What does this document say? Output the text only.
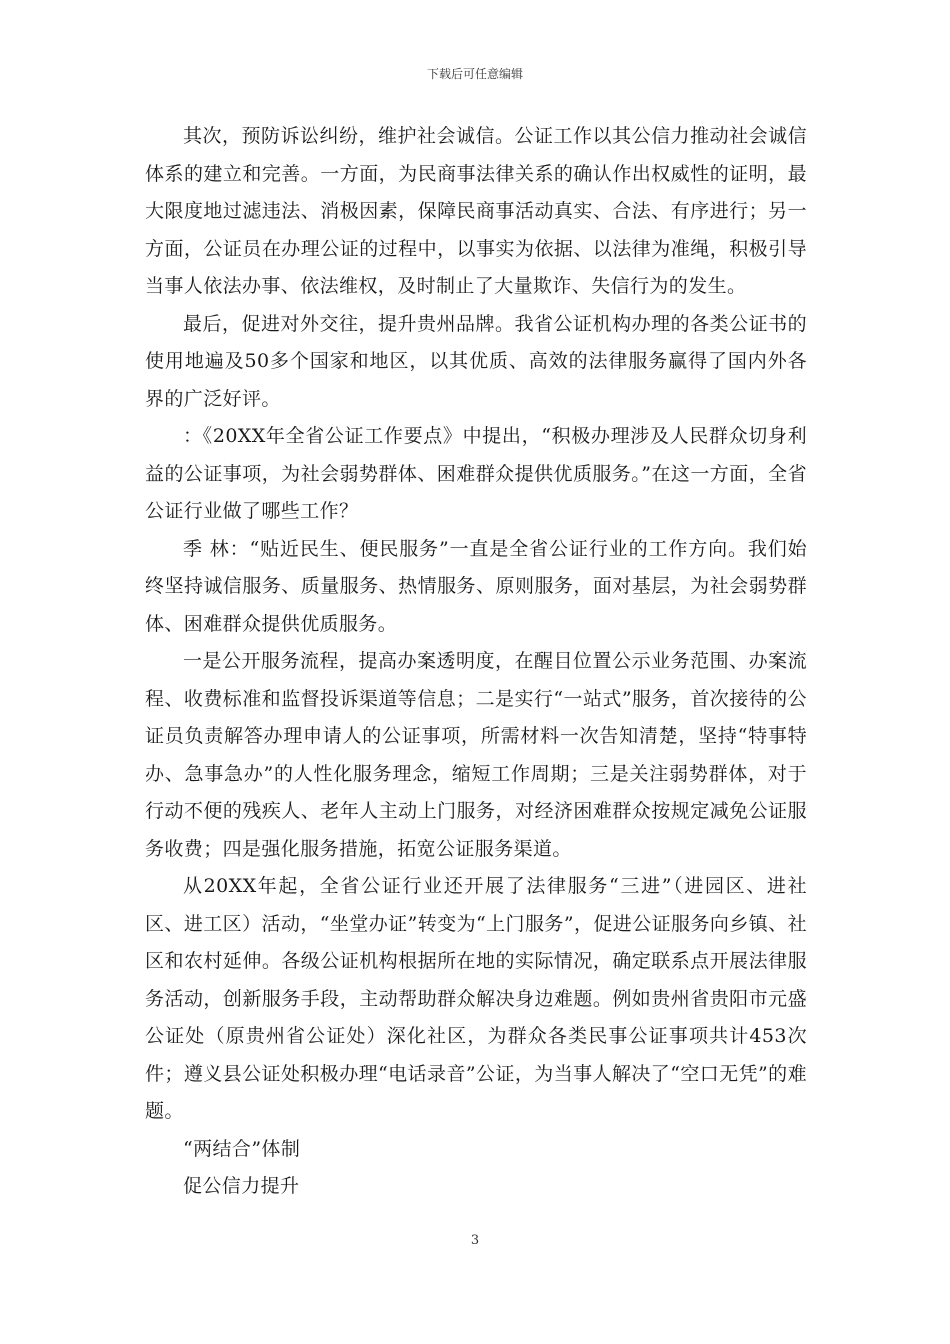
下载后可任意编辑

其次，预防诉讼纠纷，维护社会诚信。公证工作以其公信力推动社会诚信体系的建立和完善。一方面，为民商事法律关系的确认作出权威性的证明，最大限度地过滤违法、消极因素，保障民商事活动真实、合法、有序进行；另一方面，公证员在办理公证的过程中，以事实为依据、以法律为准绳，积极引导当事人依法办事、依法维权，及时制止了大量欺诈、失信行为的发生。

最后，促进对外交往，提升贵州品牌。我省公证机构办理的各类公证书的使用地遍及50多个国家和地区，以其优质、高效的法律服务赢得了国内外各界的广泛好评。

：《20XX年全省公证工作要点》中提出，“积极办理涉及人民群众切身利益的公证事项，为社会弱势群体、困难群众提供优质服务。”在这一方面，全省公证行业做了哪些工作？

季 林：“贴近民生、便民服务”一直是全省公证行业的工作方向。我们始终坚持诚信服务、质量服务、热情服务、原则服务，面对基层，为社会弱势群体、困难群众提供优质服务。

一是公开服务流程，提高办案透明度，在醒目位置公示业务范围、办案流程、收费标准和监督投诉渠道等信息；二是实行“一站式”服务，首次接待的公证员负责解答办理申请人的公证事项，所需材料一次告知清楚，坚持“特事特办、急事急办”的人性化服务理念，缩短工作周期；三是关注弱势群体，对于行动不便的残疾人、老年人主动上门服务，对经济困难群众按规定减免公证服务收费；四是强化服务措施，拓宽公证服务渠道。

从20XX年起，全省公证行业还开展了法律服务“三进”（进园区、进社区、进工区）活动，“坐堂办证”转变为“上门服务”，促进公证服务向乡镇、社区和农村延伸。各级公证机构根据所在地的实际情况，确定联系点开展法律服务活动，创新服务手段，主动帮助群众解决身边难题。例如贵州省贵阳市元盛公证处（原贵州省公证处）深化社区，为群众各类民事公证事项共计453次件；遵义县公证处积极办理“电话录音”公证，为当事人解决了“空口无凭”的难题。

“两结合”体制

促公信力提升

3
